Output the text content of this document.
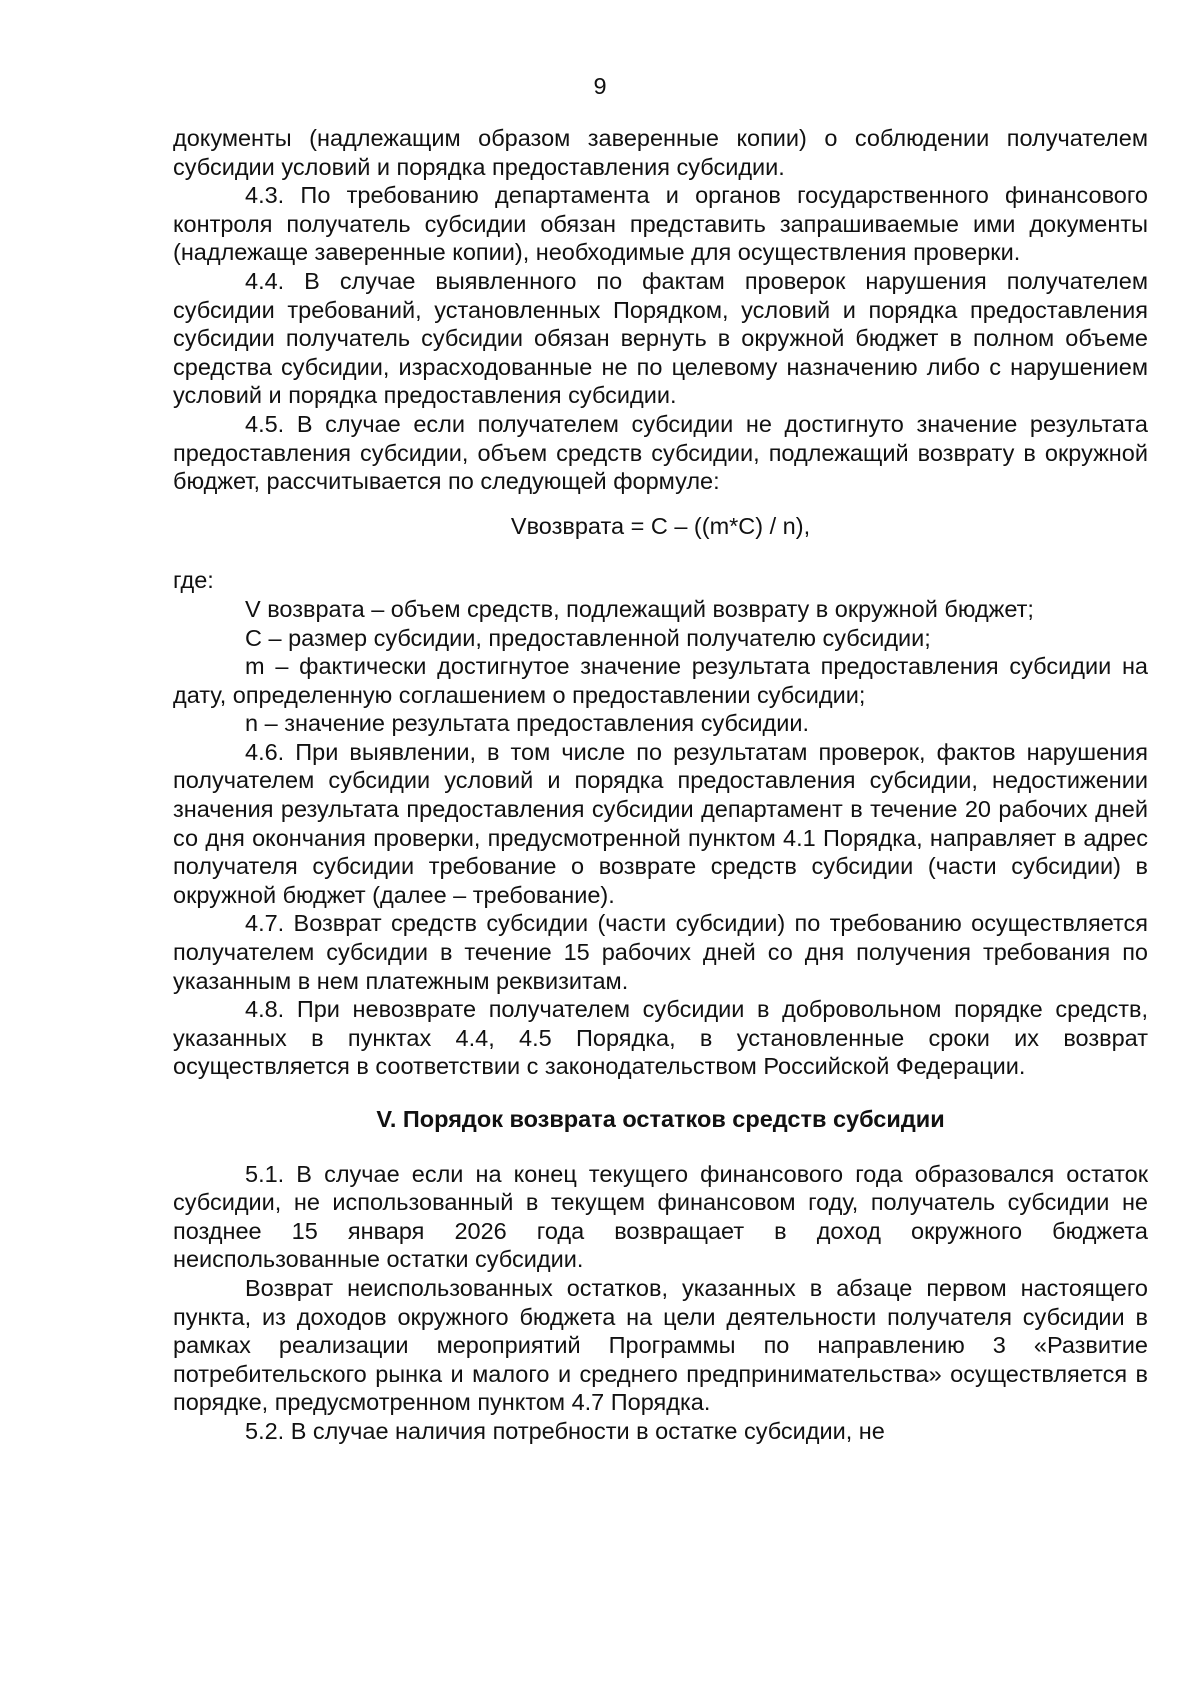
9

документы (надлежащим образом заверенные копии) о соблюдении получателем субсидии условий и порядка предоставления субсидии.

4.3. По требованию департамента и органов государственного финансового контроля получатель субсидии обязан представить запрашиваемые ими документы (надлежаще заверенные копии), необходимые для осуществления проверки.

4.4. В случае выявленного по фактам проверок нарушения получателем субсидии требований, установленных Порядком, условий и порядка предоставления субсидии получатель субсидии обязан вернуть в окружной бюджет в полном объеме средства субсидии, израсходованные не по целевому назначению либо с нарушением условий и порядка предоставления субсидии.

4.5. В случае если получателем субсидии не достигнуто значение результата предоставления субсидии, объем средств субсидии, подлежащий возврату в окружной бюджет, рассчитывается по следующей формуле:

Vвозврата = C – ((m*C) / n),

где:

V возврата – объем средств, подлежащий возврату в окружной бюджет;

С – размер субсидии, предоставленной получателю субсидии;

m – фактически достигнутое значение результата предоставления субсидии на дату, определенную соглашением о предоставлении субсидии;

n – значение результата предоставления субсидии.

4.6. При выявлении, в том числе по результатам проверок, фактов нарушения получателем субсидии условий и порядка предоставления субсидии, недостижении значения результата предоставления субсидии департамент в течение 20 рабочих дней со дня окончания проверки, предусмотренной пунктом 4.1 Порядка, направляет в адрес получателя субсидии требование о возврате средств субсидии (части субсидии) в окружной бюджет (далее – требование).

4.7. Возврат средств субсидии (части субсидии) по требованию осуществляется получателем субсидии в течение 15 рабочих дней со дня получения требования по указанным в нем платежным реквизитам.

4.8. При невозврате получателем субсидии в добровольном порядке средств, указанных в пунктах 4.4, 4.5 Порядка, в установленные сроки их возврат осуществляется в соответствии с законодательством Российской Федерации.

V. Порядок возврата остатков средств субсидии

5.1. В случае если на конец текущего финансового года образовался остаток субсидии, не использованный в текущем финансовом году, получатель субсидии не позднее 15 января 2026 года возвращает в доход окружного бюджета неиспользованные остатки субсидии.

Возврат неиспользованных остатков, указанных в абзаце первом настоящего пункта, из доходов окружного бюджета на цели деятельности получателя субсидии в рамках реализации мероприятий Программы по направлению 3 «Развитие потребительского рынка и малого и среднего предпринимательства» осуществляется в порядке, предусмотренном пунктом 4.7 Порядка.

5.2. В случае наличия потребности в остатке субсидии, не
